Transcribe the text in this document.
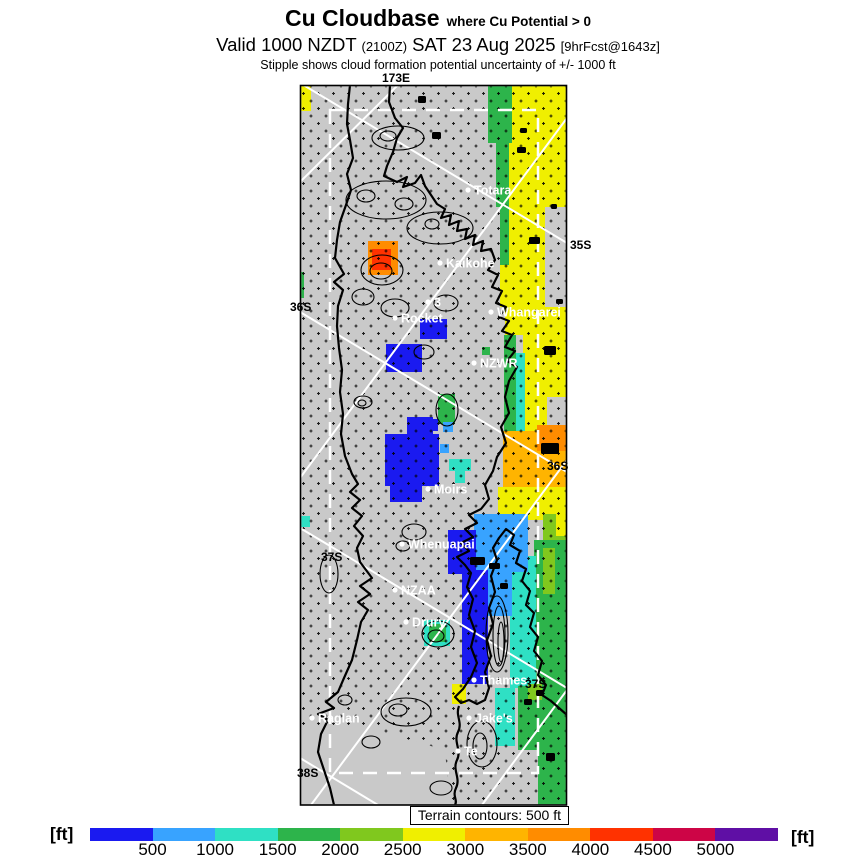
Cu Cloudbase where Cu Potential > 0
Valid 1000 NZDT (2100Z) SAT 23 Aug 2025 [9hrFcst@1643z]
Stipple shows cloud formation potential uncertainty of +/- 1000 ft
Totara
Kaikohe
3
Rocket	Whangarei
NZWR
Moirs
Whenuapai
NZAA
Drury
Thames
Raglan	Jake's
Te
173E
35S
36S
36S
37S
37S
38S
Terrain contours: 500 ft
[ft]
500 1000 1500 2000 2500 3000 3500 4000 4500 5000
[ft]
